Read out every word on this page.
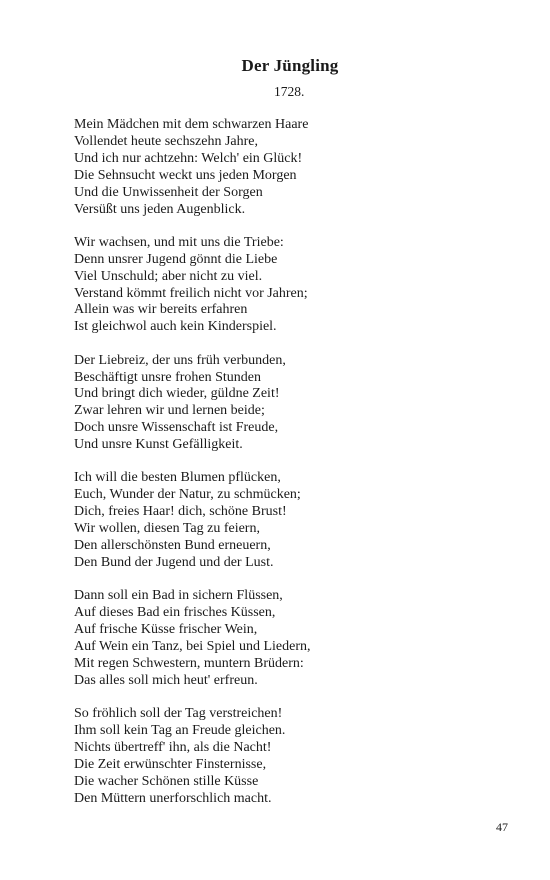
Der Jüngling
1728.
Mein Mädchen mit dem schwarzen Haare
Vollendet heute sechszehn Jahre,
Und ich nur achtzehn: Welch' ein Glück!
Die Sehnsucht weckt uns jeden Morgen
Und die Unwissenheit der Sorgen
Versüßt uns jeden Augenblick.
Wir wachsen, und mit uns die Triebe:
Denn unsrer Jugend gönnt die Liebe
Viel Unschuld; aber nicht zu viel.
Verstand kömmt freilich nicht vor Jahren;
Allein was wir bereits erfahren
Ist gleichwol auch kein Kinderspiel.
Der Liebreiz, der uns früh verbunden,
Beschäftigt unsre frohen Stunden
Und bringt dich wieder, güldne Zeit!
Zwar lehren wir und lernen beide;
Doch unsre Wissenschaft ist Freude,
Und unsre Kunst Gefälligkeit.
Ich will die besten Blumen pflücken,
Euch, Wunder der Natur, zu schmücken;
Dich, freies Haar! dich, schöne Brust!
Wir wollen, diesen Tag zu feiern,
Den allerschönsten Bund erneuern,
Den Bund der Jugend und der Lust.
Dann soll ein Bad in sichern Flüssen,
Auf dieses Bad ein frisches Küssen,
Auf frische Küsse frischer Wein,
Auf Wein ein Tanz, bei Spiel und Liedern,
Mit regen Schwestern, muntern Brüdern:
Das alles soll mich heut' erfreun.
So fröhlich soll der Tag verstreichen!
Ihm soll kein Tag an Freude gleichen.
Nichts übertreff' ihn, als die Nacht!
Die Zeit erwünschter Finsternisse,
Die wacher Schönen stille Küsse
Den Müttern unerforschlich macht.
47
